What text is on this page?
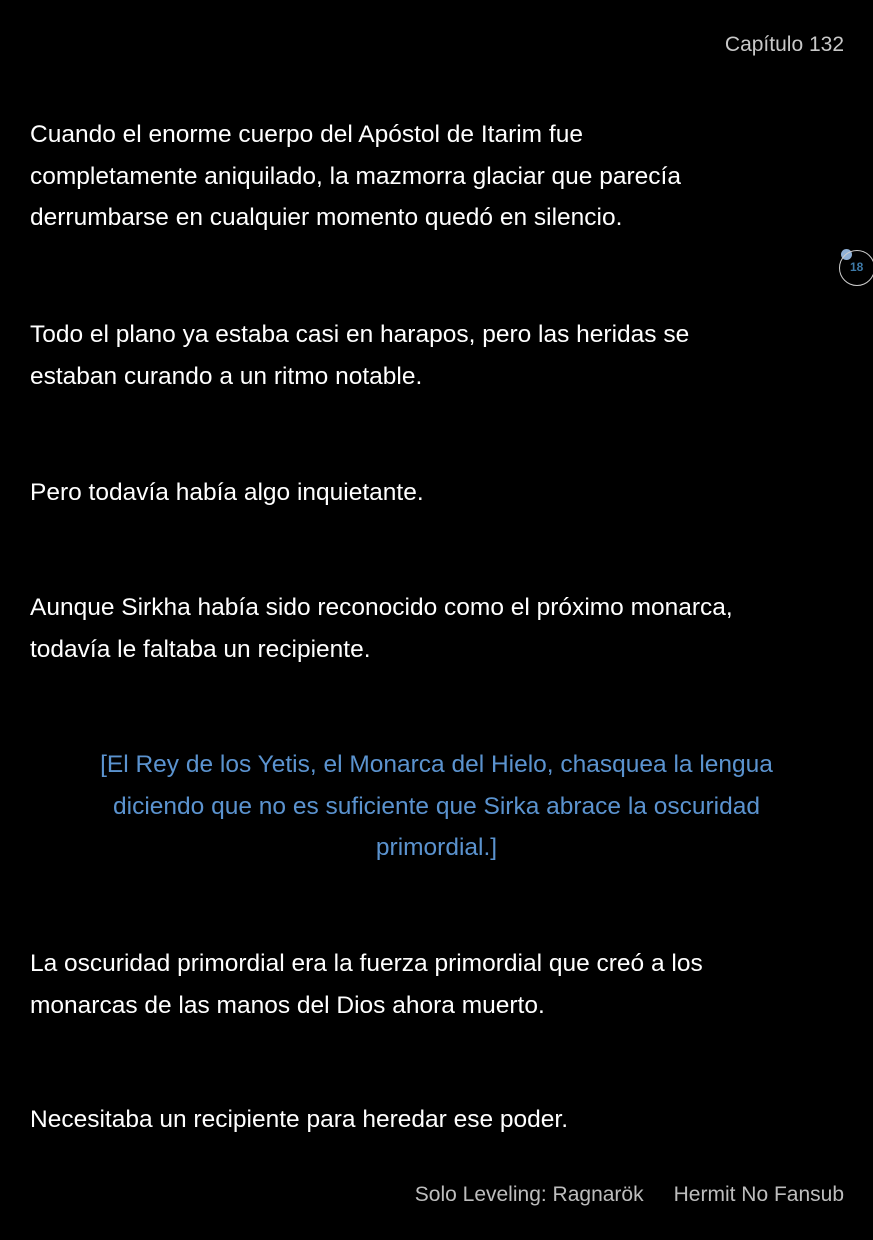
Capítulo 132
18
Cuando el enorme cuerpo del Apóstol de Itarim fue
completamente aniquilado, la mazmorra glaciar que parecía
derrumbarse en cualquier momento quedó en silencio.
Todo el plano ya estaba casi en harapos, pero las heridas se
estaban curando a un ritmo notable.
Pero todavía había algo inquietante.
Aunque Sirkha había sido reconocido como el próximo monarca,
todavía le faltaba un recipiente.
[El Rey de los Yetis, el Monarca del Hielo, chasquea la lengua
diciendo que no es suficiente que Sirka abrace la oscuridad
primordial.]
La oscuridad primordial era la fuerza primordial que creó a los
monarcas de las manos del Dios ahora muerto.
Necesitaba un recipiente para heredar ese poder.
Solo Leveling: Ragnarök Hermit No Fansub
